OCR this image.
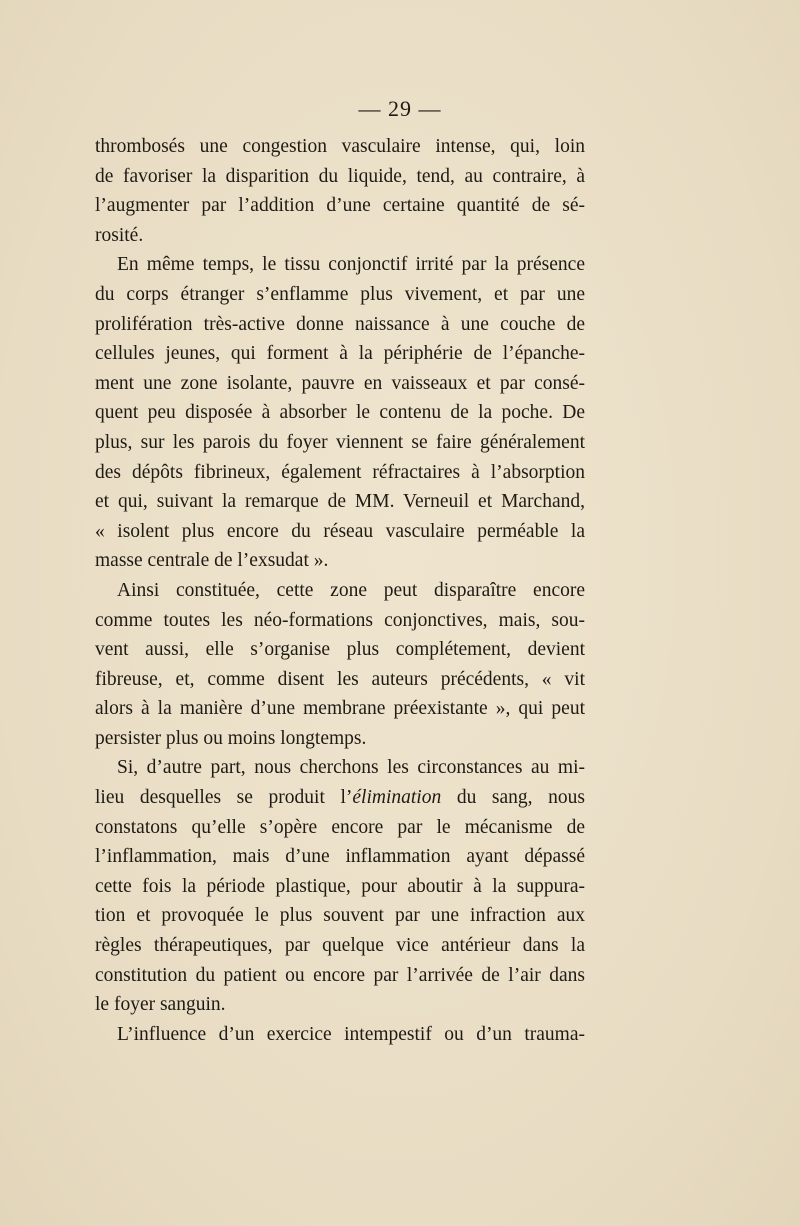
— 29 —
thrombosés une congestion vasculaire intense, qui, loin
de favoriser la disparition du liquide, tend, au contraire, à
l’augmenter par l’addition d’une certaine quantité de sé-
rosité.
En même temps, le tissu conjonctif irrité par la présence
du corps étranger s’enflamme plus vivement, et par une
prolifération très-active donne naissance à une couche de
cellules jeunes, qui forment à la périphérie de l’épanche-
ment une zone isolante, pauvre en vaisseaux et par consé-
quent peu disposée à absorber le contenu de la poche. De
plus, sur les parois du foyer viennent se faire généralement
des dépôts fibrineux, également réfractaires à l’absorption
et qui, suivant la remarque de MM. Verneuil et Marchand,
« isolent plus encore du réseau vasculaire perméable la
masse centrale de l’exsudat ».
Ainsi constituée, cette zone peut disparaître encore
comme toutes les néo-formations conjonctives, mais, sou-
vent aussi, elle s’organise plus complétement, devient
fibreuse, et, comme disent les auteurs précédents, « vit
alors à la manière d’une membrane préexistante », qui peut
persister plus ou moins longtemps.
Si, d’autre part, nous cherchons les circonstances au mi-
lieu desquelles se produit l’élimination du sang, nous
constatons qu’elle s’opère encore par le mécanisme de
l’inflammation, mais d’une inflammation ayant dépassé
cette fois la période plastique, pour aboutir à la suppura-
tion et provoquée le plus souvent par une infraction aux
règles thérapeutiques, par quelque vice antérieur dans la
constitution du patient ou encore par l’arrivée de l’air dans
le foyer sanguin.
L’influence d’un exercice intempestif ou d’un trauma-
